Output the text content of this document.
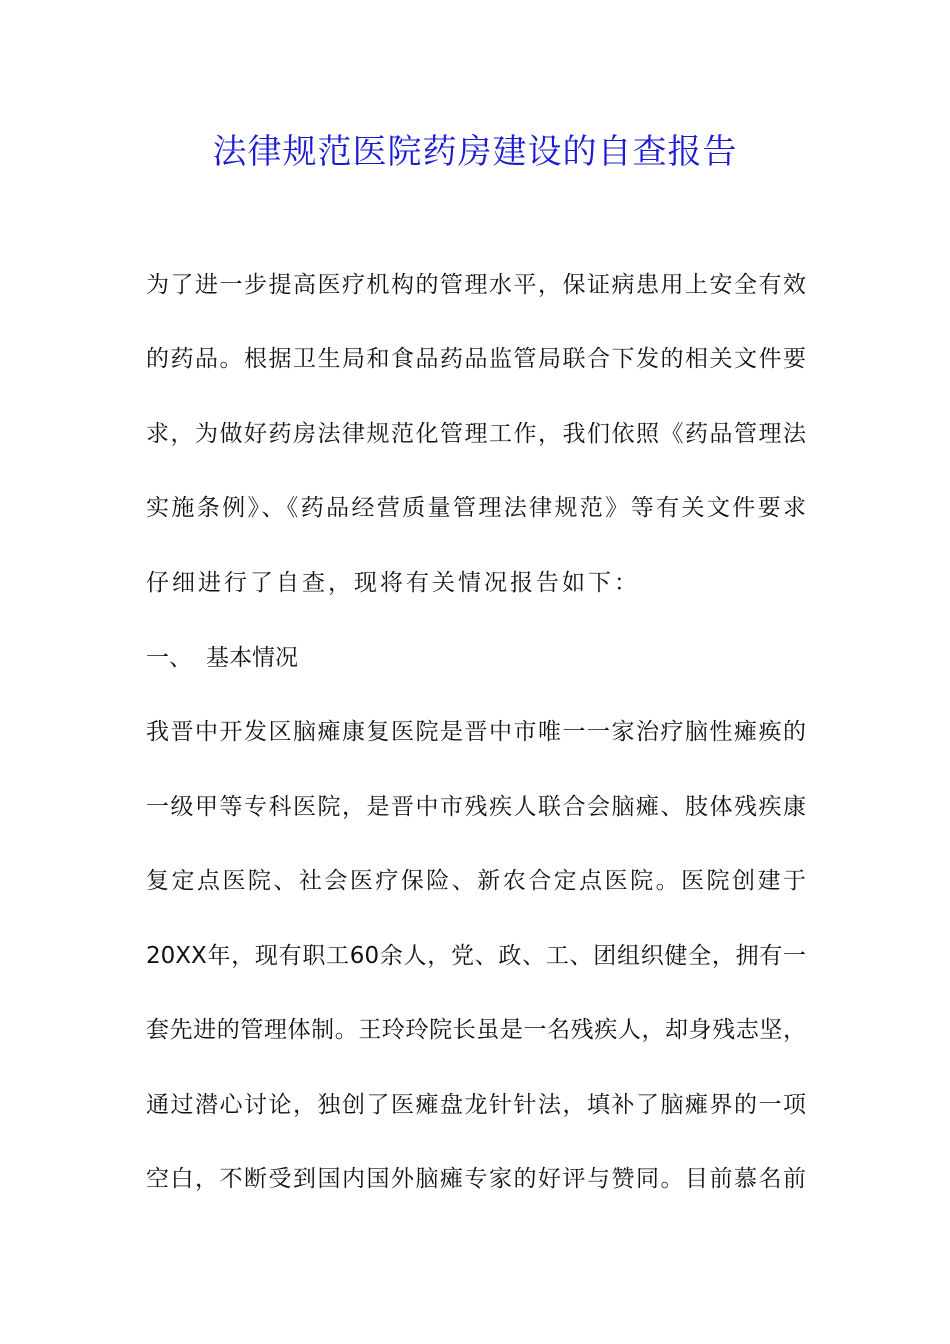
法律规范医院药房建设的自查报告
为了进一步提高医疗机构的管理水平，保证病患用上安全有效
的药品。根据卫生局和食品药品监管局联合下发的相关文件要
求，为做好药房法律规范化管理工作，我们依照《药品管理法
实施条例》、《药品经营质量管理法律规范》等有关文件要求
仔细进行了自查，现将有关情况报告如下：
一、 基本情况
我晋中开发区脑瘫康复医院是晋中市唯一一家治疗脑性瘫痪的
一级甲等专科医院，是晋中市残疾人联合会脑瘫、肢体残疾康
复定点医院、社会医疗保险、新农合定点医院。医院创建于
20XX年，现有职工60余人，党、政、工、团组织健全，拥有一
套先进的管理体制。王玲玲院长虽是一名残疾人，却身残志坚，
通过潜心讨论，独创了医瘫盘龙针针法，填补了脑瘫界的一项
空白，不断受到国内国外脑瘫专家的好评与赞同。目前慕名前
